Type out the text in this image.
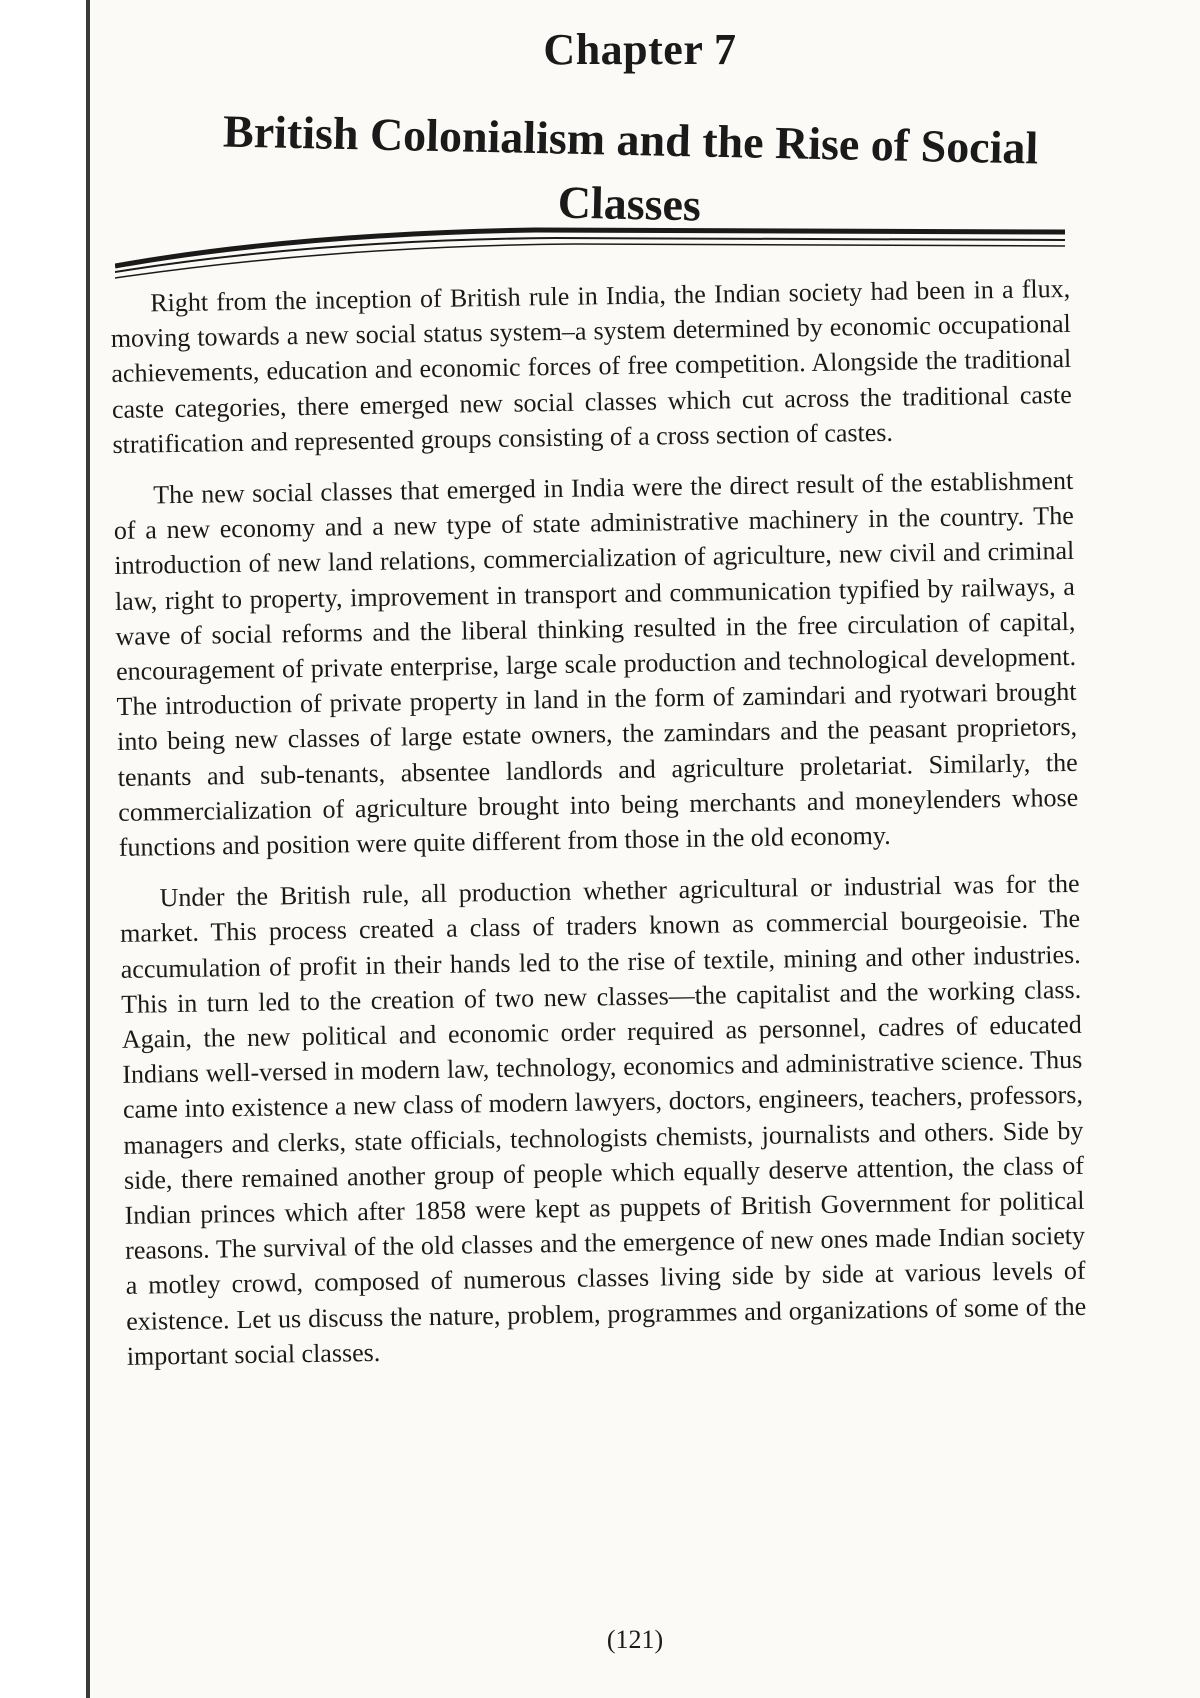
Chapter 7
British Colonialism and the Rise of Social Classes

Right from the inception of British rule in India, the Indian society had been in a flux, moving towards a new social status system–a system determined by economic occupational achievements, education and economic forces of free competition. Alongside the traditional caste categories, there emerged new social classes which cut across the traditional caste stratification and represented groups consisting of a cross section of castes.

The new social classes that emerged in India were the direct result of the establishment of a new economy and a new type of state administrative machinery in the country. The introduction of new land relations, commercialization of agriculture, new civil and criminal law, right to property, improvement in transport and communication typified by railways, a wave of social reforms and the liberal thinking resulted in the free circulation of capital, encouragement of private enterprise, large scale production and technological development. The introduction of private property in land in the form of zamindari and ryotwari brought into being new classes of large estate owners, the zamindars and the peasant proprietors, tenants and sub-tenants, absentee landlords and agriculture proletariat. Similarly, the commercialization of agriculture brought into being merchants and moneylenders whose functions and position were quite different from those in the old economy.

Under the British rule, all production whether agricultural or industrial was for the market. This process created a class of traders known as commercial bourgeoisie. The accumulation of profit in their hands led to the rise of textile, mining and other industries. This in turn led to the creation of two new classes—the capitalist and the working class. Again, the new political and economic order required as personnel, cadres of educated Indians well-versed in modern law, technology, economics and administrative science. Thus came into existence a new class of modern lawyers, doctors, engineers, teachers, professors, managers and clerks, state officials, technologists chemists, journalists and others. Side by side, there remained another group of people which equally deserve attention, the class of Indian princes which after 1858 were kept as puppets of British Government for political reasons. The survival of the old classes and the emergence of new ones made Indian society a motley crowd, composed of numerous classes living side by side at various levels of existence. Let us discuss the nature, problem, programmes and organizations of some of the important social classes.

(121)
